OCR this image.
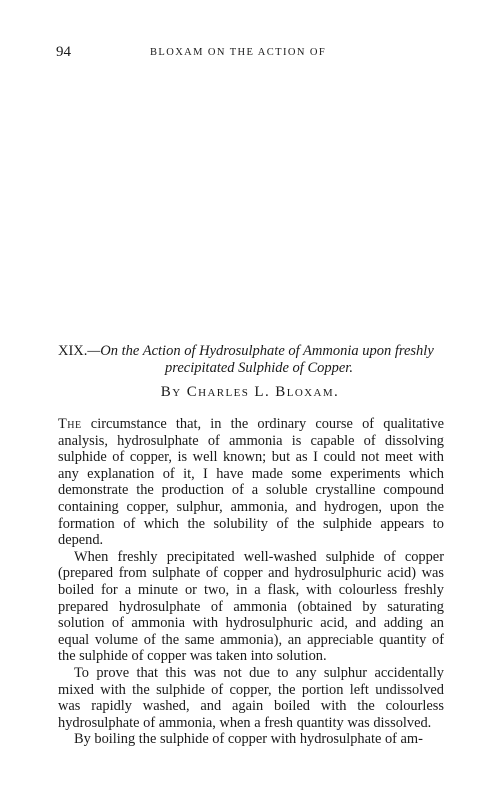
94	BLOXAM ON THE ACTION OF
XIX.—On the Action of Hydrosulphate of Ammonia upon freshly
precipitated Sulphide of Copper.
By Charles L. Bloxam.

The circumstance that, in the ordinary course of qualitative analysis, hydrosulphate of ammonia is capable of dissolving sulphide of copper, is well known; but as I could not meet with any explanation of it, I have made some experiments which demonstrate the production of a soluble crystalline compound containing copper, sulphur, ammonia, and hydrogen, upon the formation of which the solubility of the sulphide appears to depend.

When freshly precipitated well-washed sulphide of copper (prepared from sulphate of copper and hydrosulphuric acid) was boiled for a minute or two, in a flask, with colourless freshly prepared hydrosulphate of ammonia (obtained by saturating solution of ammonia with hydrosulphuric acid, and adding an equal volume of the same ammonia), an appreciable quantity of the sulphide of copper was taken into solution.

To prove that this was not due to any sulphur accidentally mixed with the sulphide of copper, the portion left undissolved was rapidly washed, and again boiled with the colourless hydrosulphate of ammonia, when a fresh quantity was dissolved.

By boiling the sulphide of copper with hydrosulphate of am-
